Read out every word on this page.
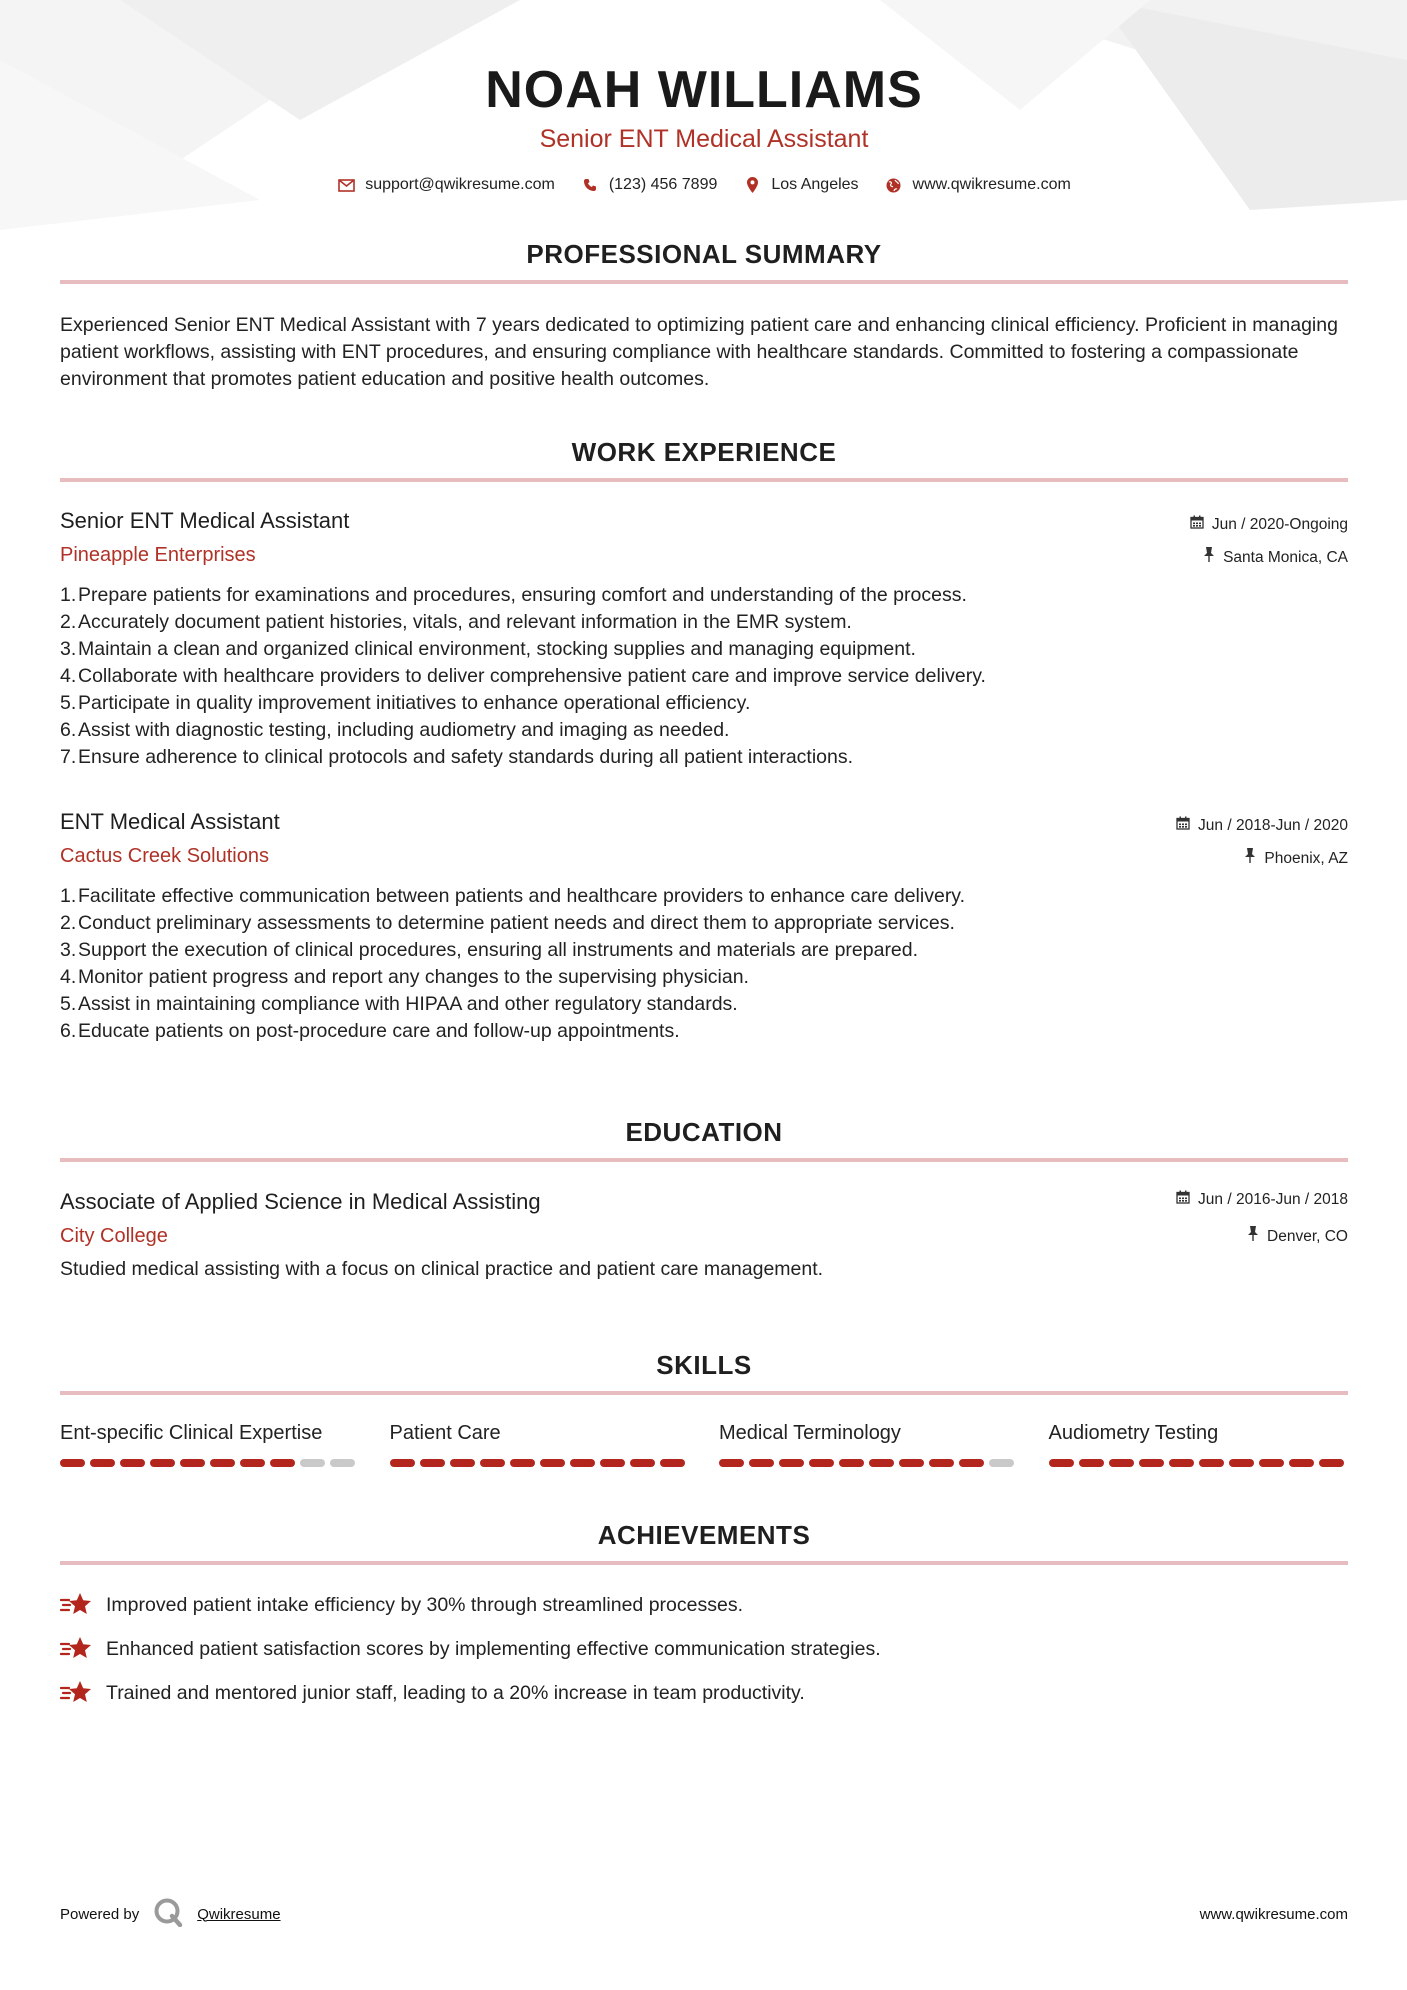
NOAH WILLIAMS
Senior ENT Medical Assistant
support@qwikresume.com	(123) 456 7899	Los Angeles	www.qwikresume.com
PROFESSIONAL SUMMARY
Experienced Senior ENT Medical Assistant with 7 years dedicated to optimizing patient care and enhancing clinical efficiency. Proficient in managing patient workflows, assisting with ENT procedures, and ensuring compliance with healthcare standards. Committed to fostering a compassionate environment that promotes patient education and positive health outcomes.
WORK EXPERIENCE
Senior ENT Medical Assistant
Pineapple Enterprises
Jun / 2020-Ongoing
Santa Monica, CA
1. Prepare patients for examinations and procedures, ensuring comfort and understanding of the process.
2. Accurately document patient histories, vitals, and relevant information in the EMR system.
3. Maintain a clean and organized clinical environment, stocking supplies and managing equipment.
4. Collaborate with healthcare providers to deliver comprehensive patient care and improve service delivery.
5. Participate in quality improvement initiatives to enhance operational efficiency.
6. Assist with diagnostic testing, including audiometry and imaging as needed.
7. Ensure adherence to clinical protocols and safety standards during all patient interactions.
ENT Medical Assistant
Cactus Creek Solutions
Jun / 2018-Jun / 2020
Phoenix, AZ
1. Facilitate effective communication between patients and healthcare providers to enhance care delivery.
2. Conduct preliminary assessments to determine patient needs and direct them to appropriate services.
3. Support the execution of clinical procedures, ensuring all instruments and materials are prepared.
4. Monitor patient progress and report any changes to the supervising physician.
5. Assist in maintaining compliance with HIPAA and other regulatory standards.
6. Educate patients on post-procedure care and follow-up appointments.
EDUCATION
Associate of Applied Science in Medical Assisting
City College
Jun / 2016-Jun / 2018
Denver, CO
Studied medical assisting with a focus on clinical practice and patient care management.
SKILLS
Ent-specific Clinical Expertise	Patient Care	Medical Terminology	Audiometry Testing
ACHIEVEMENTS
Improved patient intake efficiency by 30% through streamlined processes.
Enhanced patient satisfaction scores by implementing effective communication strategies.
Trained and mentored junior staff, leading to a 20% increase in team productivity.
Powered by	Qwikresume	www.qwikresume.com
